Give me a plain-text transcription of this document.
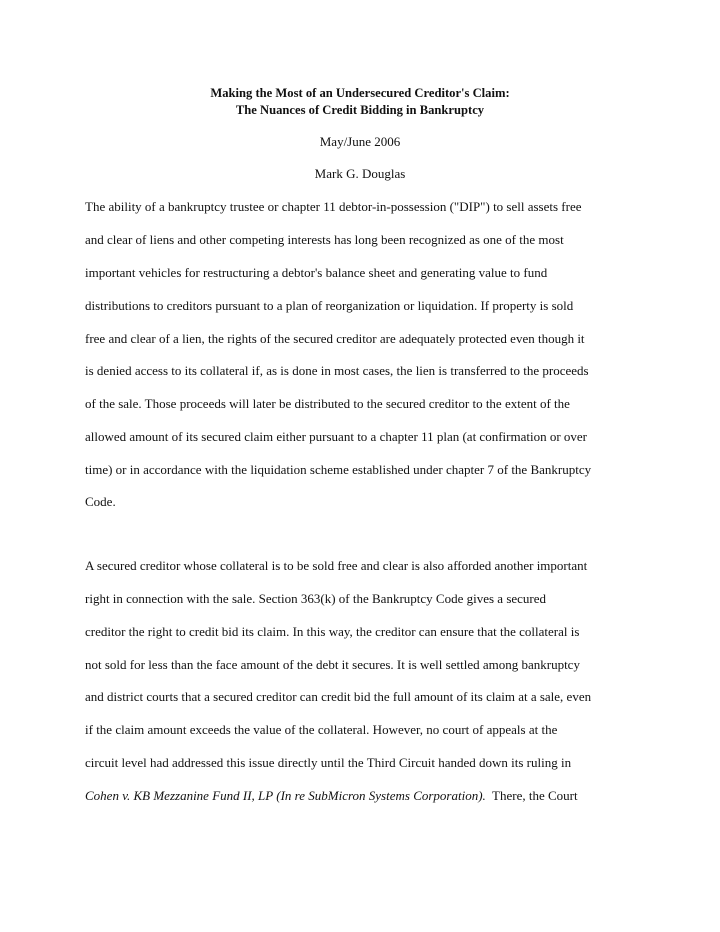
Making the Most of an Undersecured Creditor's Claim:
The Nuances of Credit Bidding in Bankruptcy
May/June 2006
Mark G. Douglas
The ability of a bankruptcy trustee or chapter 11 debtor-in-possession ("DIP") to sell assets free
and clear of liens and other competing interests has long been recognized as one of the most
important vehicles for restructuring a debtor's balance sheet and generating value to fund
distributions to creditors pursuant to a plan of reorganization or liquidation. If property is sold
free and clear of a lien, the rights of the secured creditor are adequately protected even though it
is denied access to its collateral if, as is done in most cases, the lien is transferred to the proceeds
of the sale. Those proceeds will later be distributed to the secured creditor to the extent of the
allowed amount of its secured claim either pursuant to a chapter 11 plan (at confirmation or over
time) or in accordance with the liquidation scheme established under chapter 7 of the Bankruptcy
Code.
A secured creditor whose collateral is to be sold free and clear is also afforded another important
right in connection with the sale. Section 363(k) of the Bankruptcy Code gives a secured
creditor the right to credit bid its claim. In this way, the creditor can ensure that the collateral is
not sold for less than the face amount of the debt it secures. It is well settled among bankruptcy
and district courts that a secured creditor can credit bid the full amount of its claim at a sale, even
if the claim amount exceeds the value of the collateral. However, no court of appeals at the
circuit level had addressed this issue directly until the Third Circuit handed down its ruling in
Cohen v. KB Mezzanine Fund II, LP (In re SubMicron Systems Corporation).  There, the Court
